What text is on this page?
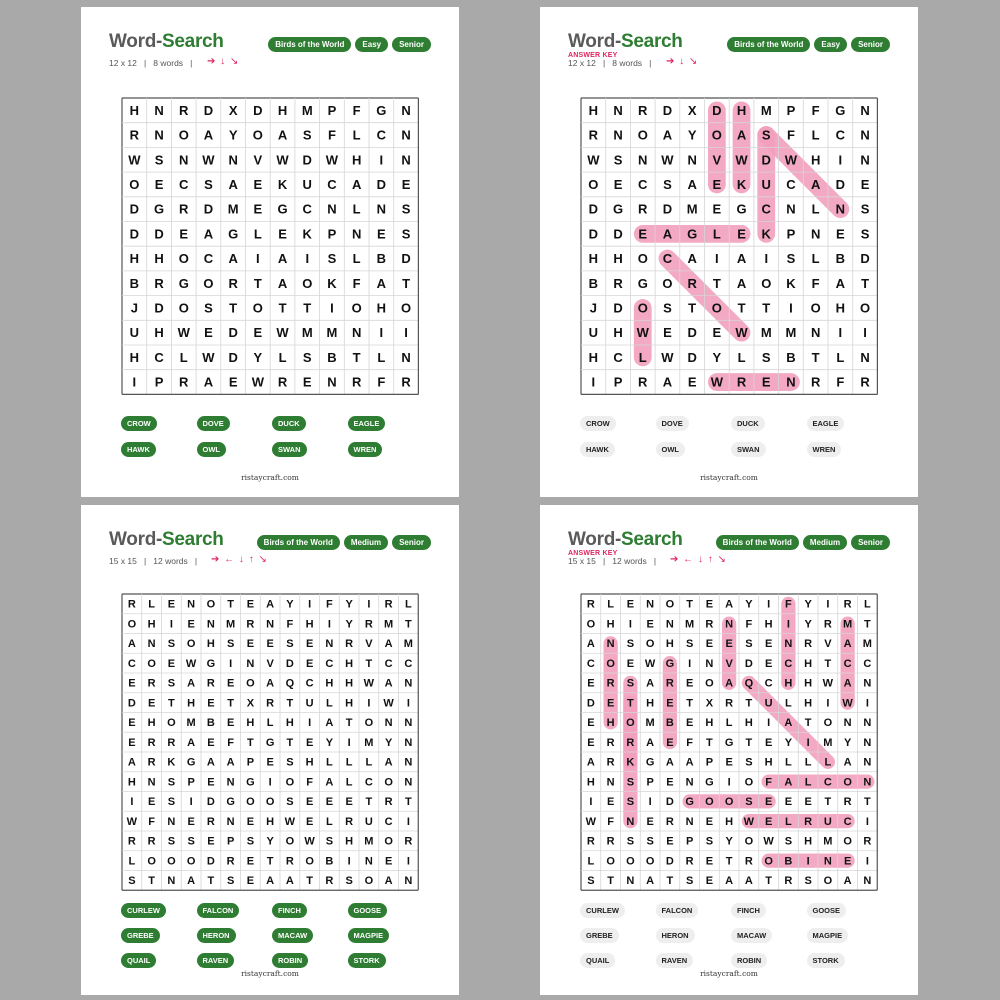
Word-Search
12 x 12   |   8 words   | ➔ ↓ ↘
Birds of the World	Easy	Senior
H N R D X D H M P F G N
R N O A Y O A S F L C N
W S N W N V W D W H I N
O E C S A E K U C A D E
D G R D M E G C N L N S
D D E A G L E K P N E S
H H O C A I A I S L B D
B R G O R T A O K F A T
J D O S T O T T I O H O
U H W E D E W M M N I I
H C L W D Y L S B T L N
I P R A E W R E N R F R
CROW	DOVE	DUCK	EAGLE
HAWK	OWL	SWAN	WREN
ristaycraft.com
Word-Search
ANSWER KEY
12 x 12   |   8 words   | ➔ ↓ ↘
Birds of the World	Easy	Senior
H N R D X D H M P F G N
R N O A Y O A S F L C N
W S N W N V W D W H I N
O E C S A E K U C A D E
D G R D M E G C N L N S
D D E A G L E K P N E S
H H O C A I A I S L B D
B R G O R T A O K F A T
J D O S T O T T I O H O
U H W E D E W M M N I I
H C L W D Y L S B T L N
I P R A E W R E N R F R
CROW	DOVE	DUCK	EAGLE
HAWK	OWL	SWAN	WREN
ristaycraft.com
Word-Search
15 x 15   |   12 words   | ➔ ← ↓ ↑ ↘
Birds of the World	Medium	Senior
R L E N O T E A Y I F Y I R L
O H I E N M R N F H I Y R M T
A N S O H S E E S E N R V A M
C O E W G I N V D E C H T C C
E R S A R E O A Q C H H W A N
D E T H E T X R T U L H I W I
E H O M B E H L H I A T O N N
E R R A E F T G T E Y I M Y N
A R K G A A P E S H L L L A N
H N S P E N G I O F A L C O N
I E S I D G O O S E E E T R T
W F N E R N E H W E L R U C I
R R S S E P S Y O W S H M O R
L O O O D R E T R O B I N E I
S T N A T S E A A T R S O A N
CURLEW	FALCON	FINCH	GOOSE
GREBE	HERON	MACAW	MAGPIE
QUAIL	RAVEN	ROBIN	STORK
ristaycraft.com
Word-Search
ANSWER KEY
15 x 15   |   12 words   | ➔ ← ↓ ↑ ↘
Birds of the World	Medium	Senior
R L E N O T E A Y I F Y I R L
O H I E N M R N F H I Y R M T
A N S O H S E E S E N R V A M
C O E W G I N V D E C H T C C
E R S A R E O A Q C H H W A N
D E T H E T X R T U L H I W I
E H O M B E H L H I A T O N N
E R R A E F T G T E Y I M Y N
A R K G A A P E S H L L L A N
H N S P E N G I O F A L C O N
I E S I D G O O S E E E T R T
W F N E R N E H W E L R U C I
R R S S E P S Y O W S H M O R
L O O O D R E T R O B I N E I
S T N A T S E A A T R S O A N
CURLEW	FALCON	FINCH	GOOSE
GREBE	HERON	MACAW	MAGPIE
QUAIL	RAVEN	ROBIN	STORK
ristaycraft.com
